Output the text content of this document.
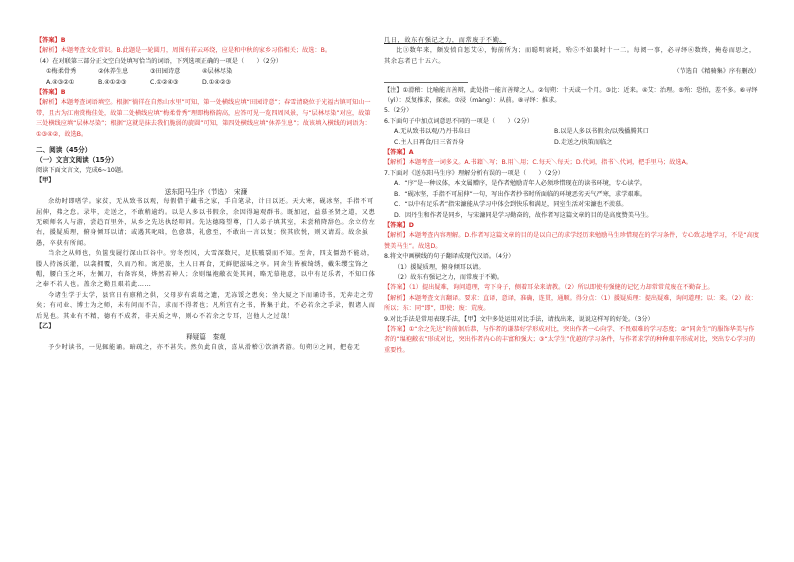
【答案】B

【解析】本题考查文化常识。B.此题是一轮圆月，周围有祥云环绕，应是和中秋的家乡习俗相关；故选：B。

（4）在对联第三部分正文空白处填写恰当的词语，下列选项正确的一项是（　　）（2分）

①梅柔骨秀	②休养生息	③田园诗意	④层林尽染
A.④③②①	B.④①②③	C.①②④③	D.①④②③

【答案】B

【解析】本题考查词语填空。根据“徜徉在自然山水里”可知，第一处横线应填“田园诗意”；春雪清晓位于光福古镇可知山一带，且古为江南赏梅佳处，故第二处横线应填“梅柔骨秀”理即梅格韵高，应答可见一览四周风景，与“层林尽染”对应，故第三处横线应填“层林尽染”；根据“这就是抹去我们脆弱的旋圆”可知，第四处横线应填“休养生息”；故该填入横线的词语为：①③④②，故选B。

二、阅读（45分）

（一）文言文阅读（15分）

阅读下面文言文，完成6~10题。

【甲】

送东阳马生序（节选）　宋濂

余幼时即嗜学。家贫，无从致书以观，每假借于藏书之家，手自笔录，计日以还。天大寒，砚冰坚，手指不可屈伸，弗之怠。录毕，走送之，不敢稍逾约。以是人多以书假余，余因得遍观群书。既加冠，益慕圣贤之道，又患无硕师名人与游，尝趋百里外，从乡之先达执经叩问。先达德隆望尊，门人弟子填其室，未尝稍降辞色。余立侍左右，援疑质理，俯身倾耳以请；或遇其叱咄，色愈恭，礼愈至，不敢出一言以复；俟其欣悦，则又请焉。故余虽愚，卒获有所闻。

当余之从师也，负箧曳屣行深山巨谷中。穷冬烈风，大雪深数尺，足肤皲裂而不知。至舍，四支僵劲不能动，媵人持汤沃灌，以衾拥覆，久而乃和。寓逆旅，主人日再食，无鲜肥滋味之享。同舍生皆被绮绣，戴朱缨宝饰之帽，腰白玉之环，左佩刀，右备容臭，烨然若神人；余则缊袍敝衣处其间，略无慕艳意，以中有足乐者，不知口体之奉不若人也。盖余之勤且艰若此……

今诸生学于太学，县官日有廪稍之供，父母岁有裘葛之遗，无冻馁之患矣；坐大厦之下而诵诗书，无奔走之劳矣；有司业、博士为之师，未有问而不告，求而不得者也；凡所宜有之书，皆集于此，不必若余之手录，假诸人而后见也。其业有不精，德有不成者，非天质之卑，则心不若余之专耳，岂他人之过哉！

【乙】

释疑篇　秦观

予少时读书，一见辄能诵。暗疏之，亦不甚失。然负此自放，喜从滑稽①饮酒者游。旬朔②之间，把卷无

几日，故东有强记之力，而常废于不勤。

比③数年来，颇发愤自惩艾④，悔前所为；而聪明衰耗，殆⑤不如曩时十一二。每阅一事，必寻绎⑥数终，掩卷而思之，其余忘者已十五六。

（节选自《精骑集》序有删改）

【注】①滑稽：比喻能言善辩，此处指一能言善辩之人。②旬朔：十天或一个月。③比：近来。④艾：治理。⑤殆：恐怕，差不多。⑥寻绎（yì）：反复推求，探索。⑦浸（màng）：从前。⑧寻绎：推求。

5.（2分）

6.下面句子中加点词意思不同的一项是（　　）（2分）

A.无从致书以观/乃丹书帛曰	B.以是人多以书假余/以残播腾其口
C.主人日再食/日三省吾身	D.走送之/执策而临之

【答案】A

【解析】本题考查一词多义。A.书籍＼写；B.用＼用；C.每天＼每天；D.代词，指书＼代词，把手里马；故选A。

7.下面对《送东阳马生序》理解分析有误的一项是（　　）（2分）

A．“序”是一种议体，本文属赠序，是作者勉励青年人必须珍惜现在的读书环境，专心读学。

B．“砚冰坚，手指不可屈伸”一句，写出作者抄书时所面临的环境恶劣天气严寒，求学艰难。

C．“以中有足乐者”指宋濂能从学习中体会到快乐和满足，同室生活对宋濂也不羡慕。

D．因丹生和作者是同乡，与宋濂同是学习勤奋的，故作者写这篇文章的目的是高度赞美马生。

【答案】D

【解析】本题考查内容理解。D.作者写这篇文章的目的是以自己的求学经历来勉励马生珍惜现在的学习条件，专心致志地学习，不是“高度赞美马生”。故选D。

8.将文中画横线的句子翻译成现代汉语。（4分）

（1）援疑质理，俯身倾耳以请。

（2）故东有强记之力，而常废于不勤。

【答案】（1）提出疑难，询问道理，弯下身子，侧着耳朵来请教。（2）所以即使有强健的记忆力却常常荒废在不勤奋上。

【解析】本题考查文言翻译。要求：直译，意译，准确，连贯，通顺。得分点：（1）援疑质理：提出疑难，询问道理；以：来。（2）故：所以；东：同“即”，即使；废：荒废。

9.对比手法是常用表现手法，【甲】文中多处运用对比手法，请找出来，说说这样写的好处。（3分）

【答案】①“余之先达”的前倨后恭，与作者的谦恭好学形成对比，突出作者一心向学、不畏艰难的学习态度；②“同舍生”的服饰华美与作者的“缊袍敝衣”形成对比，突出作者内心的丰富和强大；③“太学生”优越的学习条件，与作者求学的种种艰辛形成对比，突出专心学习的重要性。
